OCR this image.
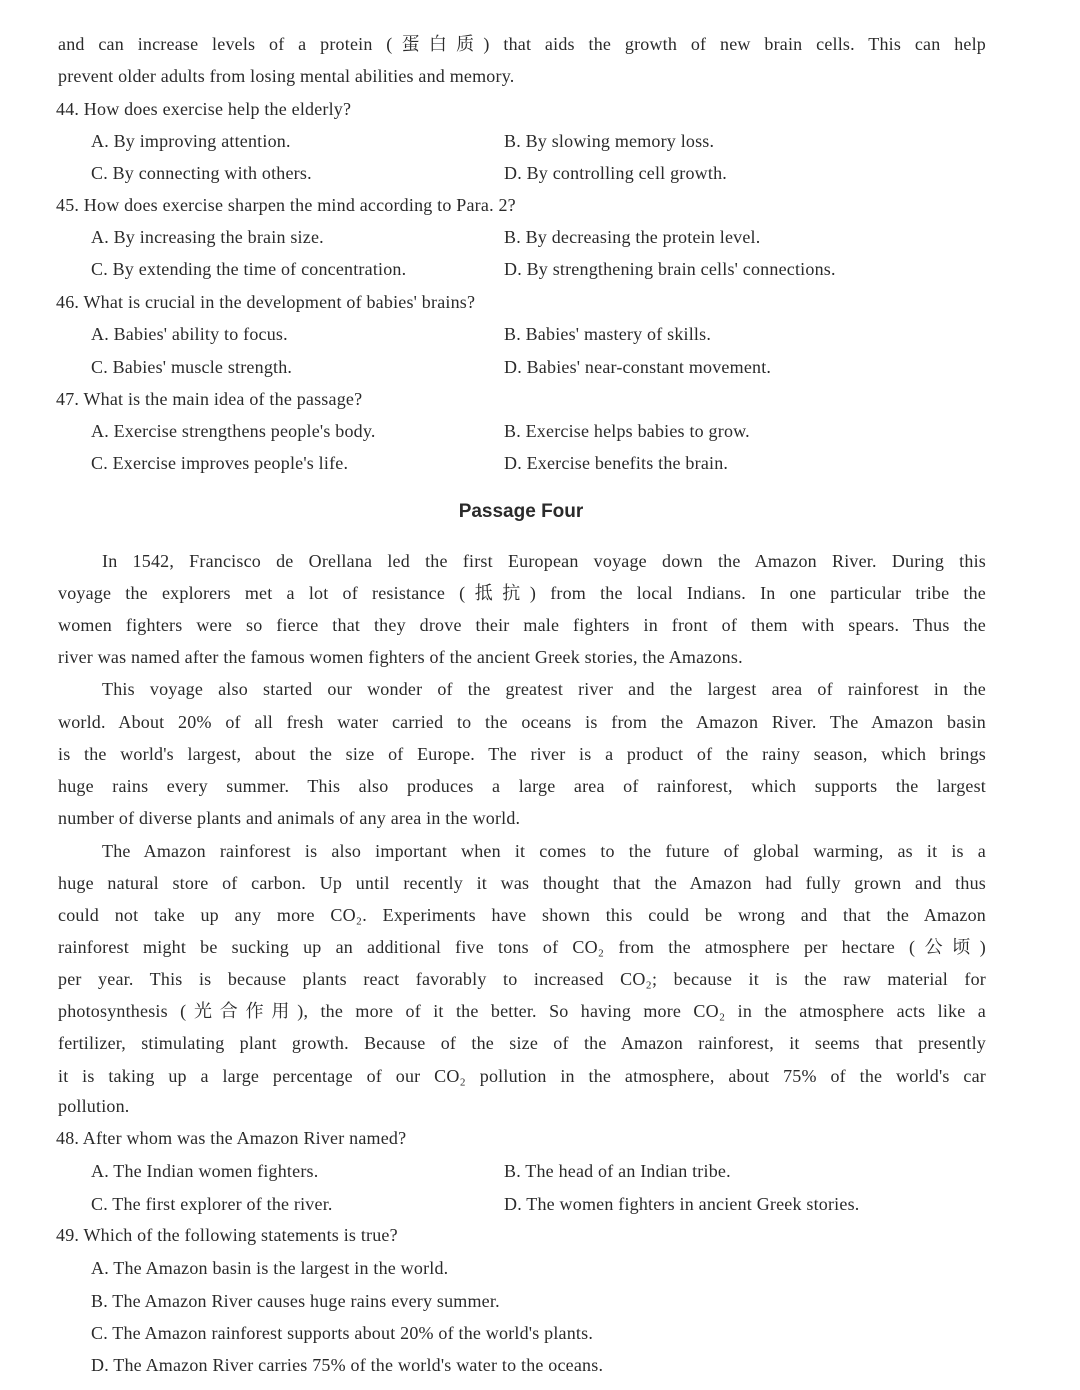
and can increase levels of a protein (蛋白质) that aids the growth of new brain cells. This can help
prevent older adults from losing mental abilities and memory.
44. How does exercise help the elderly?
A. By improving attention.	B. By slowing memory loss.
C. By connecting with others.	D. By controlling cell growth.
45. How does exercise sharpen the mind according to Para. 2?
A. By increasing the brain size.	B. By decreasing the protein level.
C. By extending the time of concentration.	D. By strengthening brain cells' connections.
46. What is crucial in the development of babies' brains?
A. Babies' ability to focus.	B. Babies' mastery of skills.
C. Babies' muscle strength.	D. Babies' near-constant movement.
47. What is the main idea of the passage?
A. Exercise strengthens people's body.	B. Exercise helps babies to grow.
C. Exercise improves people's life.	D. Exercise benefits the brain.
Passage Four
In 1542, Francisco de Orellana led the first European voyage down the Amazon River. During this
voyage the explorers met a lot of resistance (抵抗) from the local Indians. In one particular tribe the
women fighters were so fierce that they drove their male fighters in front of them with spears. Thus the
river was named after the famous women fighters of the ancient Greek stories, the Amazons.
This voyage also started our wonder of the greatest river and the largest area of rainforest in the
world. About 20% of all fresh water carried to the oceans is from the Amazon River. The Amazon basin
is the world's largest, about the size of Europe. The river is a product of the rainy season, which brings
huge rains every summer. This also produces a large area of rainforest, which supports the largest
number of diverse plants and animals of any area in the world.
The Amazon rainforest is also important when it comes to the future of global warming, as it is a
huge natural store of carbon. Up until recently it was thought that the Amazon had fully grown and thus
could not take up any more CO₂. Experiments have shown this could be wrong and that the Amazon
rainforest might be sucking up an additional five tons of CO₂ from the atmosphere per hectare (公顷)
per year. This is because plants react favorably to increased CO₂; because it is the raw material for
photosynthesis (光合作用), the more of it the better. So having more CO₂ in the atmosphere acts like a
fertilizer, stimulating plant growth. Because of the size of the Amazon rainforest, it seems that presently
it is taking up a large percentage of our CO₂ pollution in the atmosphere, about 75% of the world's car
pollution.
48. After whom was the Amazon River named?
A. The Indian women fighters.	B. The head of an Indian tribe.
C. The first explorer of the river.	D. The women fighters in ancient Greek stories.
49. Which of the following statements is true?
A. The Amazon basin is the largest in the world.
B. The Amazon River causes huge rains every summer.
C. The Amazon rainforest supports about 20% of the world's plants.
D. The Amazon River carries 75% of the world's water to the oceans.
